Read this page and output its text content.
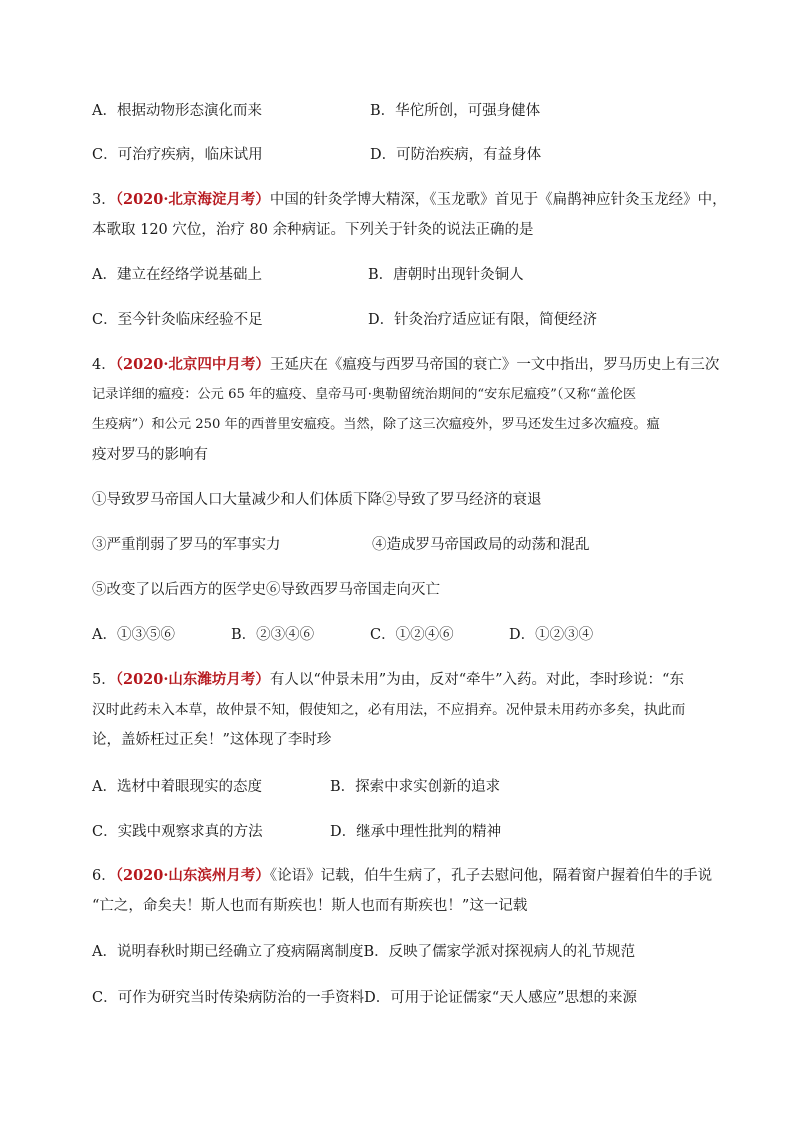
A．根据动物形态演化而来	B．华佗所创，可强身健体
C．可治疗疾病，临床试用	D．可防治疾病，有益身体
3．（2020·北京海淀月考）中国的针灸学博大精深，《玉龙歌》首见于《扁鹊神应针灸玉龙经》中，
本歌取 120 穴位，治疗 80 余种病证。下列关于针灸的说法正确的是
A．建立在经络学说基础上	B．唐朝时出现针灸铜人
C．至今针灸临床经验不足	D．针灸治疗适应证有限，简便经济
4．（2020·北京四中月考）王延庆在《瘟疫与西罗马帝国的衰亡》一文中指出，罗马历史上有三次
记录详细的瘟疫：公元 65 年的瘟疫、皇帝马可·奥勒留统治期间的“安东尼瘟疫”（又称“盖伦医
生疫病”）和公元 250 年的西普里安瘟疫。当然，除了这三次瘟疫外，罗马还发生过多次瘟疫。瘟
疫对罗马的影响有
①导致罗马帝国人口大量减少和人们体质下降②导致了罗马经济的衰退
③严重削弱了罗马的军事实力	④造成罗马帝国政局的动荡和混乱
⑤改变了以后西方的医学史⑥导致西罗马帝国走向灭亡
A．①③⑤⑥	B．②③④⑥	C．①②④⑥	D．①②③④
5．（2020·山东潍坊月考）有人以“仲景未用”为由，反对“牵牛”入药。对此，李时珍说：“东
汉时此药未入本草，故仲景不知，假使知之，必有用法，不应捐弃。况仲景未用药亦多矣，执此而
论，盖娇枉过正矣！”这体现了李时珍
A．选材中着眼现实的态度	B．探索中求实创新的追求
C．实践中观察求真的方法	D．继承中理性批判的精神
6．（2020·山东滨州月考）《论语》记载，伯牛生病了，孔子去慰问他，隔着窗户握着伯牛的手说
“亡之，命矣夫！斯人也而有斯疾也！斯人也而有斯疾也！”这一记载
A．说明春秋时期已经确立了疫病隔离制度B．反映了儒家学派对探视病人的礼节规范
C．可作为研究当时传染病防治的一手资料D．可用于论证儒家“天人感应”思想的来源
